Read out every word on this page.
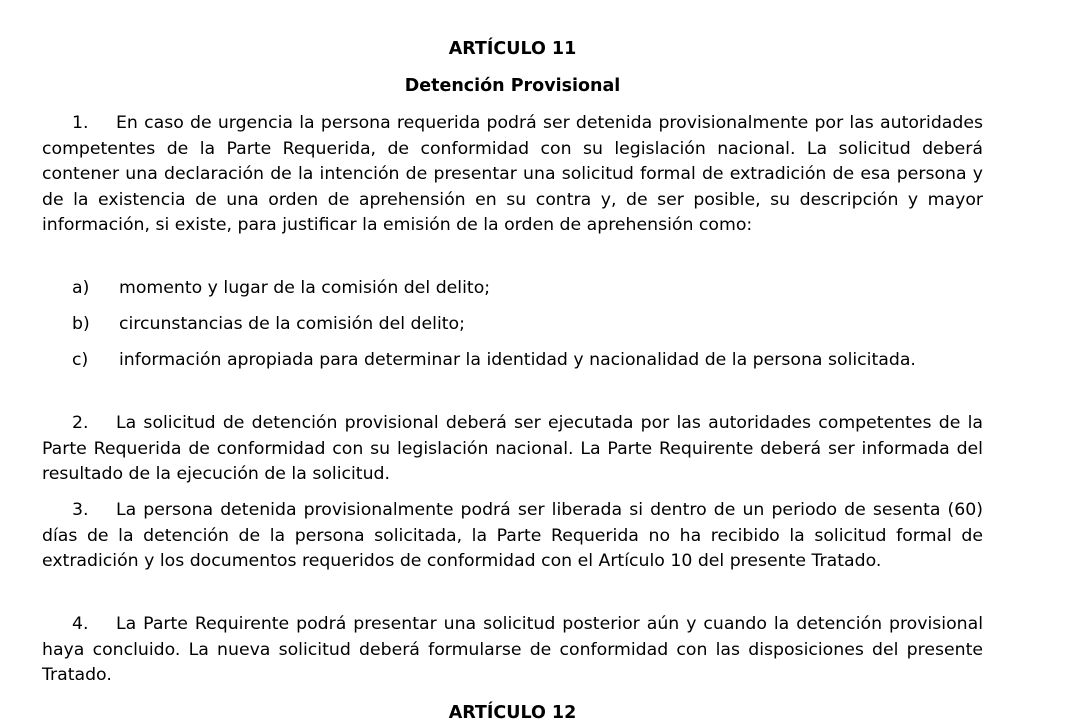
ARTÍCULO 11
Detención Provisional

1. En caso de urgencia la persona requerida podrá ser detenida provisionalmente por las autoridades competentes de la Parte Requerida, de conformidad con su legislación nacional. La solicitud deberá contener una declaración de la intención de presentar una solicitud formal de extradición de esa persona y de la existencia de una orden de aprehensión en su contra y, de ser posible, su descripción y mayor información, si existe, para justificar la emisión de la orden de aprehensión como:

a) momento y lugar de la comisión del delito;
b) circunstancias de la comisión del delito;
c) información apropiada para determinar la identidad y nacionalidad de la persona solicitada.

2. La solicitud de detención provisional deberá ser ejecutada por las autoridades competentes de la Parte Requerida de conformidad con su legislación nacional. La Parte Requirente deberá ser informada del resultado de la ejecución de la solicitud.

3. La persona detenida provisionalmente podrá ser liberada si dentro de un periodo de sesenta (60) días de la detención de la persona solicitada, la Parte Requerida no ha recibido la solicitud formal de extradición y los documentos requeridos de conformidad con el Artículo 10 del presente Tratado.

4. La Parte Requirente podrá presentar una solicitud posterior aún y cuando la detención provisional haya concluido. La nueva solicitud deberá formularse de conformidad con las disposiciones del presente Tratado.

ARTÍCULO 12
